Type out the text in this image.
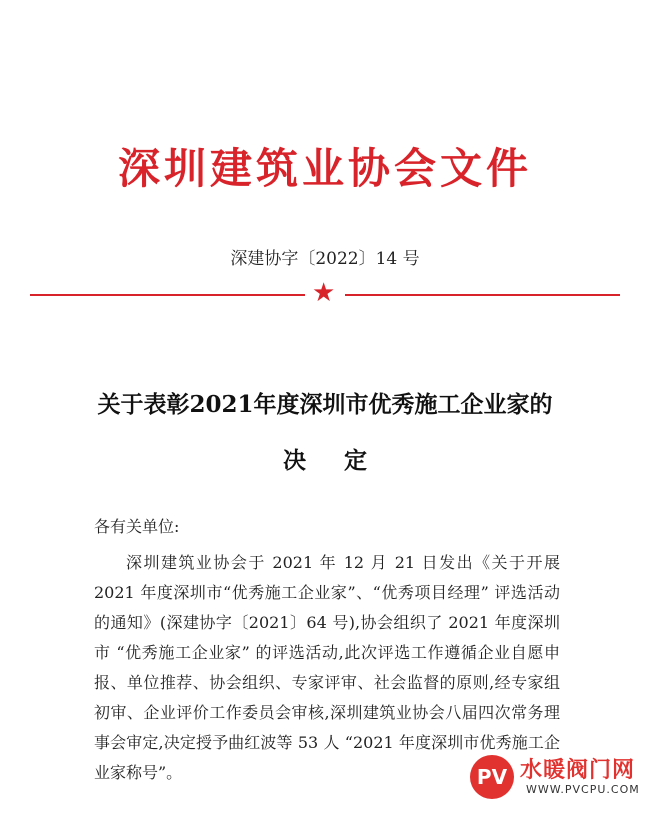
深圳建筑业协会文件
深建协字〔2022〕14 号
★
关于表彰2021年度深圳市优秀施工企业家的
决定
各有关单位:
深圳建筑业协会于 2021 年 12 月 21 日发出《关于开展 2021 年度深圳市“优秀施工企业家”、“优秀项目经理” 评选活动的通知》(深建协字〔2021〕64 号),协会组织了 2021 年度深圳市 “优秀施工企业家” 的评选活动,此次评选工作遵循企业自愿申报、单位推荐、协会组织、专家评审、社会监督的原则,经专家组初审、企业评价工作委员会审核,深圳建筑业协会八届四次常务理事会审定,决定授予曲红波等 53 人 “2021 年度深圳市优秀施工企业家称号”。	PV 水暖阀门网
WWW.PVCPU.COM
